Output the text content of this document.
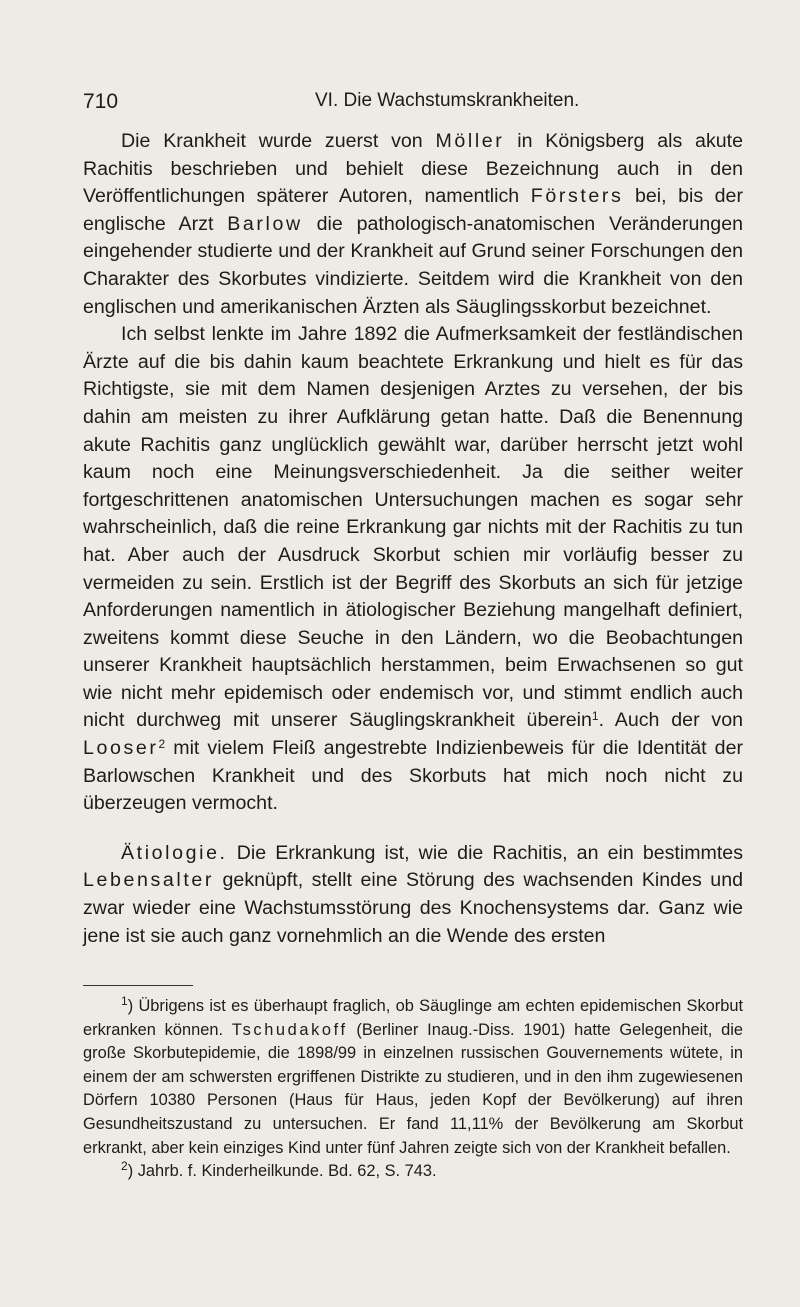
710	VI. Die Wachstumskrankheiten.

Die Krankheit wurde zuerst von Möller in Königsberg als akute Rachitis beschrieben und behielt diese Bezeichnung auch in den Veröffentlichungen späterer Autoren, namentlich Försters bei, bis der englische Arzt Barlow die pathologisch-anatomischen Veränderungen eingehender studierte und der Krankheit auf Grund seiner Forschungen den Charakter des Skorbutes vindizierte. Seitdem wird die Krankheit von den englischen und amerikanischen Ärzten als Säuglingsskorbut bezeichnet.

Ich selbst lenkte im Jahre 1892 die Aufmerksamkeit der festländischen Ärzte auf die bis dahin kaum beachtete Erkrankung und hielt es für das Richtigste, sie mit dem Namen desjenigen Arztes zu versehen, der bis dahin am meisten zu ihrer Aufklärung getan hatte. Daß die Benennung akute Rachitis ganz unglücklich gewählt war, darüber herrscht jetzt wohl kaum noch eine Meinungsverschiedenheit. Ja die seither weiter fortgeschrittenen anatomischen Untersuchungen machen es sogar sehr wahrscheinlich, daß die reine Erkrankung gar nichts mit der Rachitis zu tun hat. Aber auch der Ausdruck Skorbut schien mir vorläufig besser zu vermeiden zu sein. Erstlich ist der Begriff des Skorbuts an sich für jetzige Anforderungen namentlich in ätiologischer Beziehung mangelhaft definiert, zweitens kommt diese Seuche in den Ländern, wo die Beobachtungen unserer Krankheit hauptsächlich herstammen, beim Erwachsenen so gut wie nicht mehr epidemisch oder endemisch vor, und stimmt endlich auch nicht durchweg mit unserer Säuglingskrankheit überein$^1$. Auch der von Looser$^2$ mit vielem Fleiß angestrebte Indizienbeweis für die Identität der Barlowschen Krankheit und des Skorbuts hat mich noch nicht zu überzeugen vermocht.

Ätiologie. Die Erkrankung ist, wie die Rachitis, an ein bestimmtes Lebensalter geknüpft, stellt eine Störung des wachsenden Kindes und zwar wieder eine Wachstumsstörung des Knochensystems dar. Ganz wie jene ist sie auch ganz vornehmlich an die Wende des ersten

$^1$) Übrigens ist es überhaupt fraglich, ob Säuglinge am echten epidemischen Skorbut erkranken können. Tschudakoff (Berliner Inaug.-Diss. 1901) hatte Gelegenheit, die große Skorbutepidemie, die 1898/99 in einzelnen russischen Gouvernements wütete, in einem der am schwersten ergriffenen Distrikte zu studieren, und in den ihm zugewiesenen Dörfern 10380 Personen (Haus für Haus, jeden Kopf der Bevölkerung) auf ihren Gesundheitszustand zu untersuchen. Er fand 11,11% der Bevölkerung am Skorbut erkrankt, aber kein einziges Kind unter fünf Jahren zeigte sich von der Krankheit befallen.

$^2$) Jahrb. f. Kinderheilkunde. Bd. 62, S. 743.
